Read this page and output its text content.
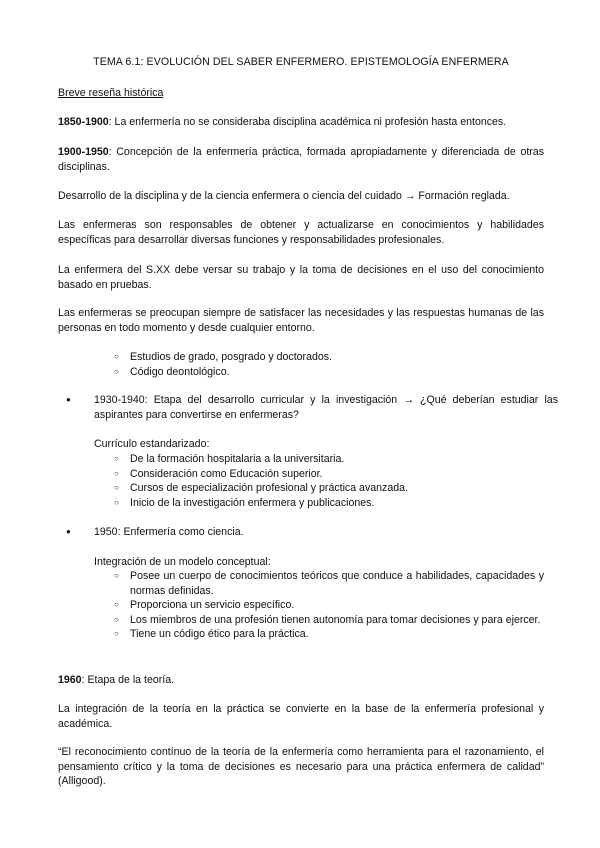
TEMA 6.1: EVOLUCIÓN DEL SABER ENFERMERO. EPISTEMOLOGÍA ENFERMERA
Breve reseña histórica
1850-1900: La enfermería no se consideraba disciplina académica ni profesión hasta entonces.
1900-1950: Concepción de la enfermería práctica, formada apropiadamente y diferenciada de otras disciplinas.
Desarrollo de la disciplina y de la ciencia enfermera o ciencia del cuidado → Formación reglada.
Las enfermeras son responsables de obtener y actualizarse en conocimientos y habilidades específicas para desarrollar diversas funciones y responsabilidades profesionales.
La enfermera del S.XX debe versar su trabajo y la toma de decisiones en el uso del conocimiento basado en pruebas.
Las enfermeras se preocupan siempre de satisfacer las necesidades y las respuestas humanas de las personas en todo momento y desde cualquier entorno.
○ Estudios de grado, posgrado y doctorados.
○ Código deontológico.
● 1930-1940: Etapa del desarrollo curricular y la investigación → ¿Qué deberían estudiar las aspirantes para convertirse en enfermeras?
Currículo estandarizado:
○ De la formación hospitalaria a la universitaria.
○ Consideración como Educación superior.
○ Cursos de especialización profesional y práctica avanzada.
○ Inicio de la investigación enfermera y publicaciones.
● 1950: Enfermería como ciencia.
Integración de un modelo conceptual:
○ Posee un cuerpo de conocimientos teóricos que conduce a habilidades, capacidades y normas definidas.
○ Proporciona un servicio específico.
○ Los miembros de una profesión tienen autonomía para tomar decisiones y para ejercer.
○ Tiene un código ético para la práctica.
1960: Etapa de la teoría.
La integración de la teoría en la práctica se convierte en la base de la enfermería profesional y académica.
“El reconocimiento contínuo de la teoría de la enfermería como herramienta para el razonamiento, el pensamiento crítico y la toma de decisiones es necesario para una práctica enfermera de calidad” (Alligood).
